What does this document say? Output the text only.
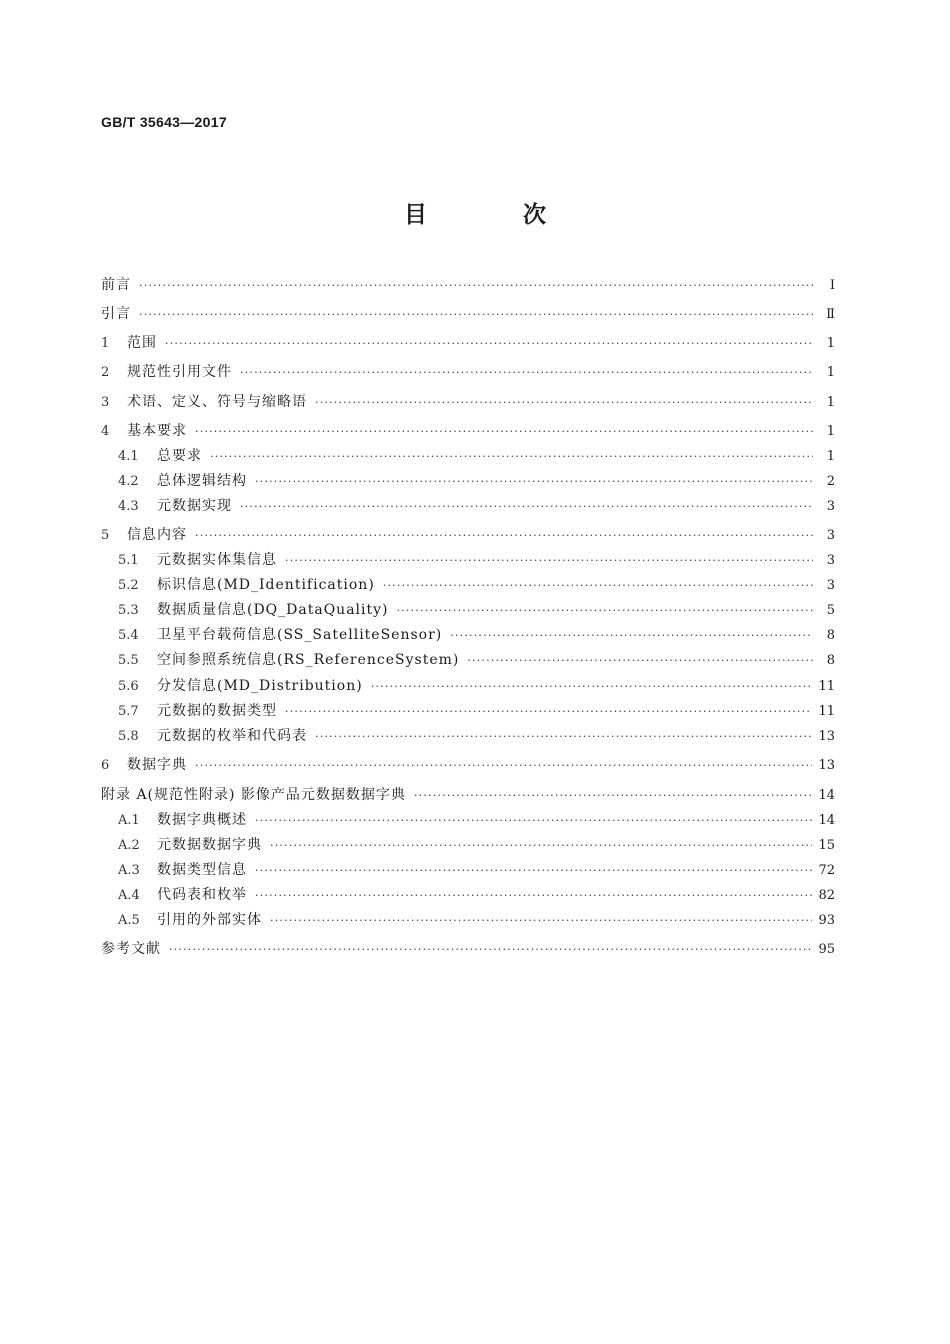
GB/T 35643—2017
目 次
前言 ·····	Ⅰ
引言 ·····	Ⅱ
1	范围 ·····	1
2	规范性引用文件 ·····	1
3	术语、定义、符号与缩略语 ·····	1
4	基本要求 ·····	1
4.1	总要求 ·····	1
4.2	总体逻辑结构 ·····	2
4.3	元数据实现 ·····	3
5	信息内容 ·····	3
5.1	元数据实体集信息 ·····	3
5.2	标识信息(MD_Identification) ·····	3
5.3	数据质量信息(DQ_DataQuality) ·····	5
5.4	卫星平台载荷信息(SS_SatelliteSensor) ·····	8
5.5	空间参照系统信息(RS_ReferenceSystem) ·····	8
5.6	分发信息(MD_Distribution) ·····	11
5.7	元数据的数据类型 ·····	11
5.8	元数据的枚举和代码表 ·····	13
6	数据字典 ·····	13
附录 A(规范性附录) 影像产品元数据数据字典 ·····	14
A.1	数据字典概述 ·····	14
A.2	元数据数据字典 ·····	15
A.3	数据类型信息 ·····	72
A.4	代码表和枚举 ·····	82
A.5	引用的外部实体 ·····	93
参考文献 ·····	95
